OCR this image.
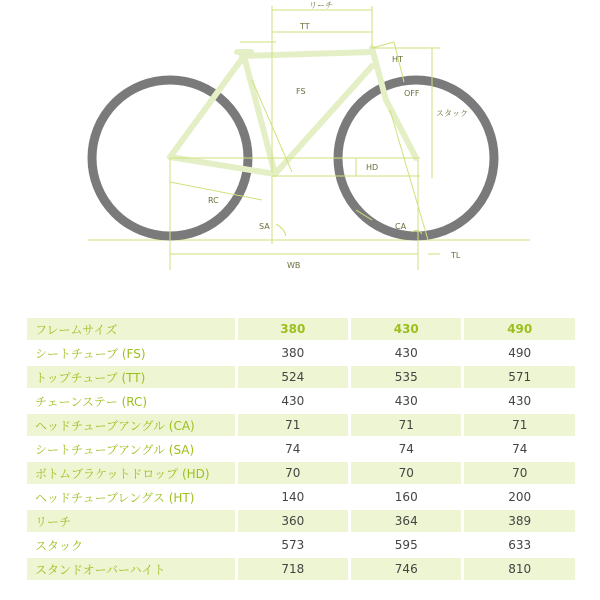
リーチ
TT
HT
FS	OFF
スタック
HD
RC
SA	CA
TL
WB
フレームサイズ	380	430	490
シートチューブ (FS)	380	430	490
トップチューブ (TT)	524	535	571
チェーンステー (RC)	430	430	430
ヘッドチューブアングル (CA)	71	71	71
シートチューブアングル (SA)	74	74	74
ボトムブラケットドロップ (HD)	70	70	70
ヘッドチューブレングス (HT)	140	160	200
リーチ	360	364	389
スタック	573	595	633
スタンドオーバーハイト	718	746	810
